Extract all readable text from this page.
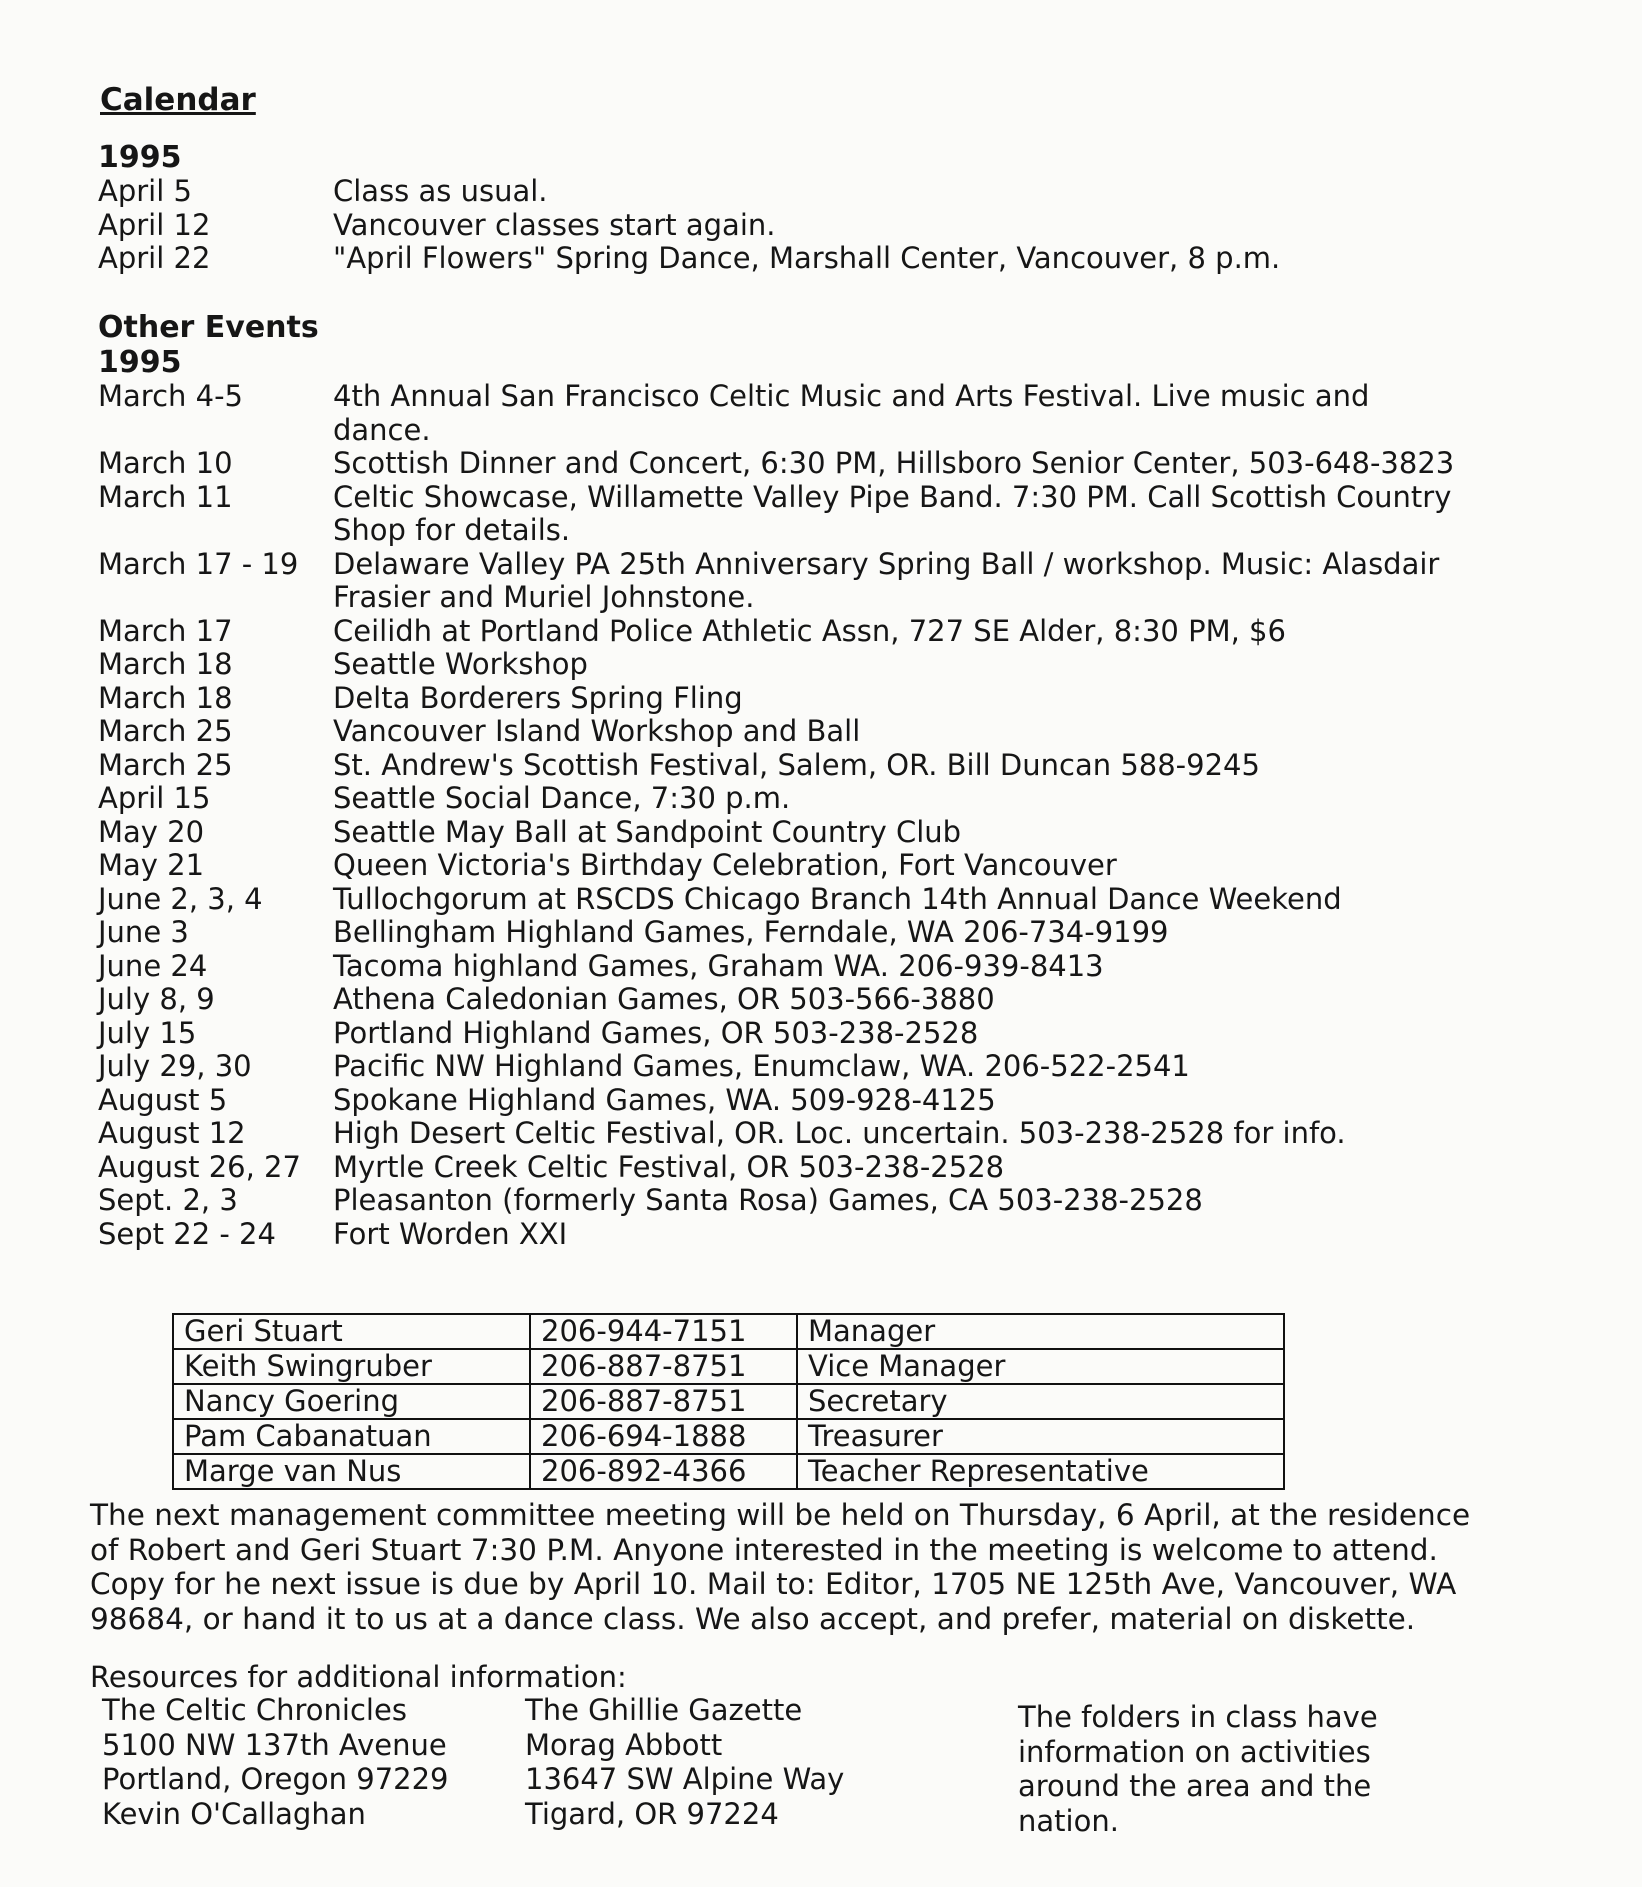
Calendar
1995
April 5	Class as usual.
April 12	Vancouver classes start again.
April 22	"April Flowers" Spring Dance, Marshall Center, Vancouver, 8 p.m.
Other Events
1995
March 4-5	4th Annual San Francisco Celtic Music and Arts Festival. Live music and dance.
March 10	Scottish Dinner and Concert, 6:30 PM, Hillsboro Senior Center, 503-648-3823
March 11	Celtic Showcase, Willamette Valley Pipe Band. 7:30 PM. Call Scottish Country Shop for details.
March 17 - 19	Delaware Valley PA 25th Anniversary Spring Ball / workshop. Music: Alasdair Frasier and Muriel Johnstone.
March 17	Ceilidh at Portland Police Athletic Assn, 727 SE Alder, 8:30 PM, $6
March 18	Seattle Workshop
March 18	Delta Borderers Spring Fling
March 25	Vancouver Island Workshop and Ball
March 25	St. Andrew's Scottish Festival, Salem, OR. Bill Duncan 588-9245
April 15	Seattle Social Dance, 7:30 p.m.
May 20	Seattle May Ball at Sandpoint Country Club
May 21	Queen Victoria's Birthday Celebration, Fort Vancouver
June 2, 3, 4	Tullochgorum at RSCDS Chicago Branch 14th Annual Dance Weekend
June 3	Bellingham Highland Games, Ferndale, WA 206-734-9199
June 24	Tacoma highland Games, Graham WA. 206-939-8413
July 8, 9	Athena Caledonian Games, OR 503-566-3880
July 15	Portland Highland Games, OR 503-238-2528
July 29, 30	Pacific NW Highland Games, Enumclaw, WA. 206-522-2541
August 5	Spokane Highland Games, WA. 509-928-4125
August 12	High Desert Celtic Festival, OR. Loc. uncertain. 503-238-2528 for info.
August 26, 27	Myrtle Creek Celtic Festival, OR 503-238-2528
Sept. 2, 3	Pleasanton (formerly Santa Rosa) Games, CA 503-238-2528
Sept 22 - 24	Fort Worden XXI
Geri Stuart	206-944-7151	Manager
Keith Swingruber	206-887-8751	Vice Manager
Nancy Goering	206-887-8751	Secretary
Pam Cabanatuan	206-694-1888	Treasurer
Marge van Nus	206-892-4366	Teacher Representative
The next management committee meeting will be held on Thursday, 6 April, at the residence of Robert and Geri Stuart 7:30 P.M. Anyone interested in the meeting is welcome to attend. Copy for he next issue is due by April 10. Mail to: Editor, 1705 NE 125th Ave, Vancouver, WA 98684, or hand it to us at a dance class. We also accept, and prefer, material on diskette.
Resources for additional information:
The Celtic Chronicles
5100 NW 137th Avenue
Portland, Oregon 97229
Kevin O'Callaghan
The Ghillie Gazette
Morag Abbott
13647 SW Alpine Way
Tigard, OR 97224
The folders in class have
information on activities
around the area and the
nation.
